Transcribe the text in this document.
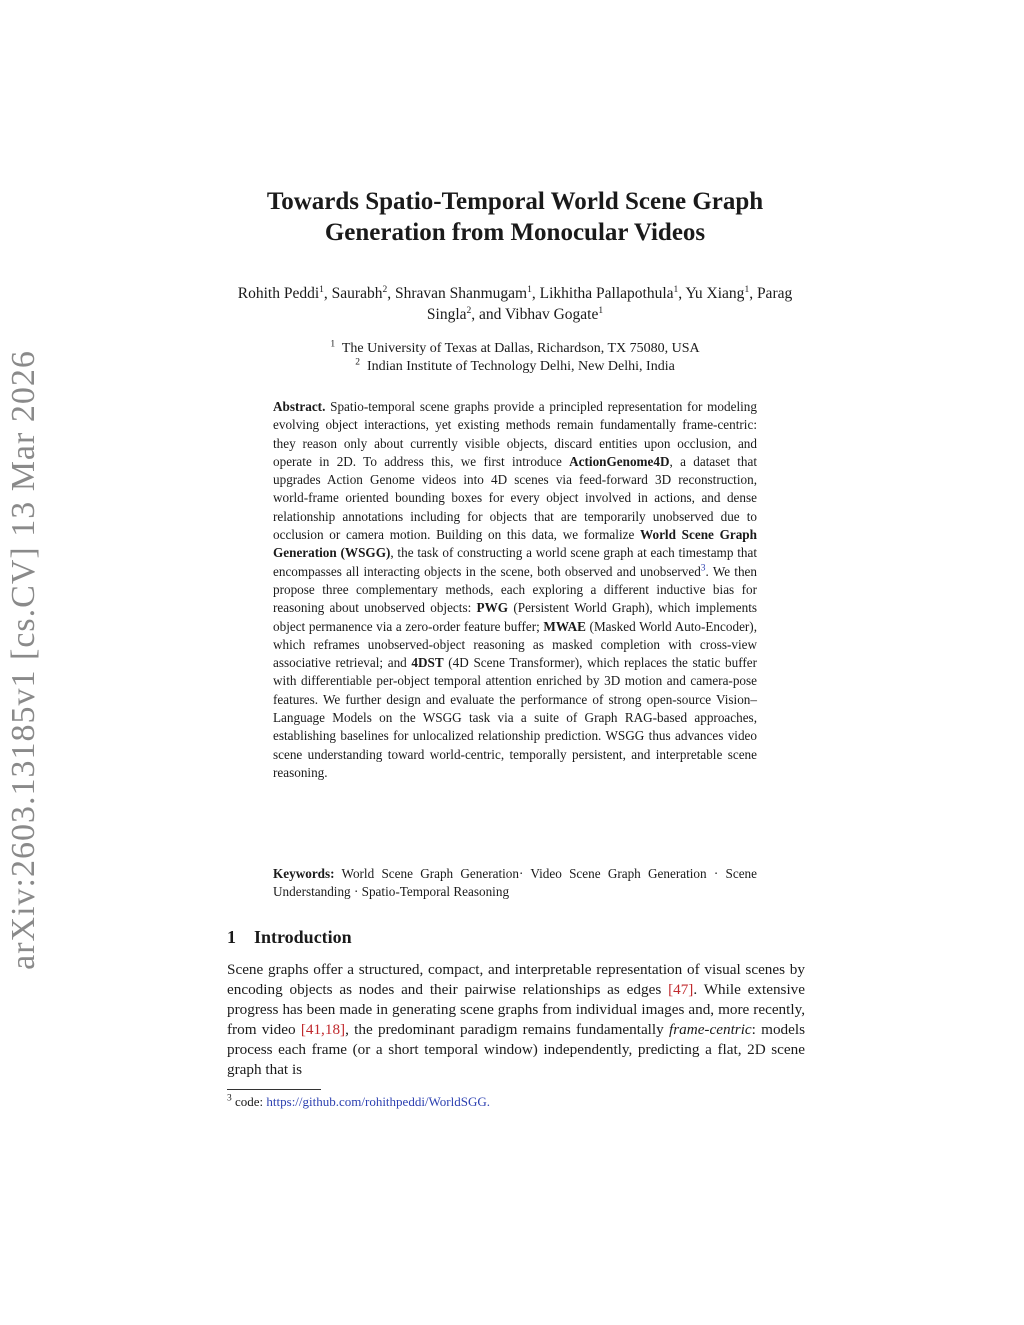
arXiv:2603.13185v1 [cs.CV] 13 Mar 2026
Towards Spatio-Temporal World Scene Graph
Generation from Monocular Videos
Rohith Peddi$^1$, Saurabh$^2$, Shravan Shanmugam$^1$, Likhitha Pallapothula$^1$, Yu Xiang$^1$, Parag Singla$^2$, and Vibhav Gogate$^1$
$^1$ The University of Texas at Dallas, Richardson, TX 75080, USA
$^2$ Indian Institute of Technology Delhi, New Delhi, India

Abstract. Spatio-temporal scene graphs provide a principled representation for modeling evolving object interactions, yet existing methods remain fundamentally frame-centric: they reason only about currently visible objects, discard entities upon occlusion, and operate in 2D. To address this, we first introduce ActionGenome4D, a dataset that upgrades Action Genome videos into 4D scenes via feed-forward 3D reconstruction, world-frame oriented bounding boxes for every object involved in actions, and dense relationship annotations including for objects that are temporarily unobserved due to occlusion or camera motion. Building on this data, we formalize World Scene Graph Generation (WSGG), the task of constructing a world scene graph at each timestamp that encompasses all interacting objects in the scene, both observed and unobserved$^3$. We then propose three complementary methods, each exploring a different inductive bias for reasoning about unobserved objects: PWG (Persistent World Graph), which implements object permanence via a zero-order feature buffer; MWAE (Masked World Auto-Encoder), which reframes unobserved-object reasoning as masked completion with cross-view associative retrieval; and 4DST (4D Scene Transformer), which replaces the static buffer with differentiable per-object temporal attention enriched by 3D motion and camera-pose features. We further design and evaluate the performance of strong open-source Vision–Language Models on the WSGG task via a suite of Graph RAG-based approaches, establishing baselines for unlocalized relationship prediction. WSGG thus advances video scene understanding toward world-centric, temporally persistent, and interpretable scene reasoning.

Keywords: World Scene Graph Generation· Video Scene Graph Generation · Scene Understanding · Spatio-Temporal Reasoning

1 Introduction

Scene graphs offer a structured, compact, and interpretable representation of visual scenes by encoding objects as nodes and their pairwise relationships as edges [47]. While extensive progress has been made in generating scene graphs from individual images and, more recently, from video [41,18], the predominant paradigm remains fundamentally frame-centric: models process each frame (or a short temporal window) independently, predicting a flat, 2D scene graph that is

$^3$ code: https://github.com/rohithpeddi/WorldSGG.
